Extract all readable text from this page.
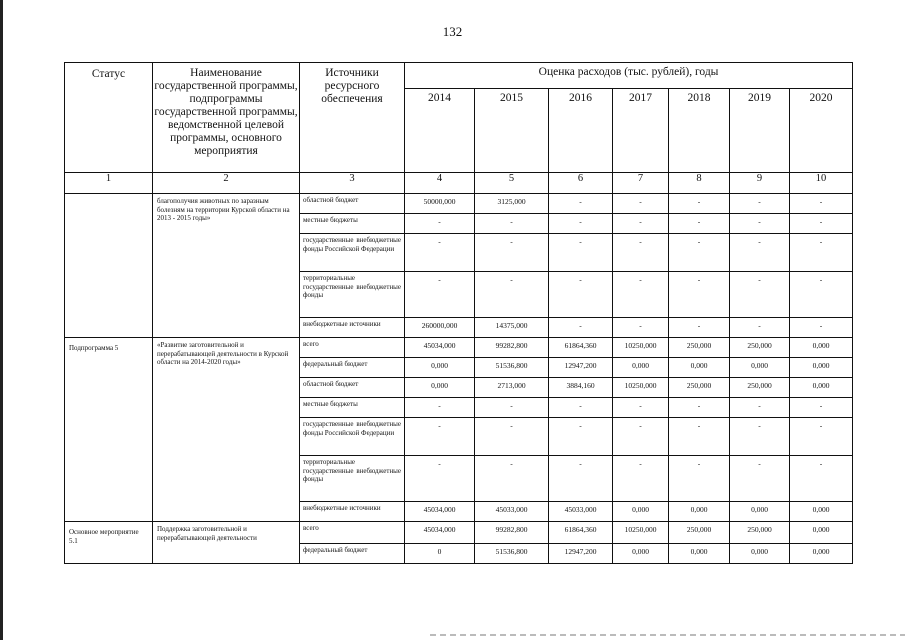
132
Статус	Наименование государственной программы, подпрограммы государственной программы, ведомственной целевой программы, основного мероприятия	Источники ресурсного обеспечения	Оценка расходов (тыс. рублей), годы						
			2014	2015	2016	2017	2018	2019	2020
1	2	3	4	5	6	7	8	9	10
	благополучия животных по заразным болезням на территории Курской области на 2013 - 2015 годы»	областной бюджет	50000,000	3125,000	-	-	-	-	-
		местные бюджеты	-	-	-	-	-	-	-
		государственные внебюджетные фонды Российской Федерации	-	-	-	-	-	-	-
		территориальные государственные внебюджетные фонды	-	-	-	-	-	-	-
		внебюджетные источники	260000,000	14375,000	-	-	-	-	-
Подпрограмма 5	«Развитие заготовительной и перерабатывающей деятельности в Курской области на 2014-2020 годы»	всего	45034,000	99282,800	61864,360	10250,000	250,000	250,000	0,000
		федеральный бюджет	0,000	51536,800	12947,200	0,000	0,000	0,000	0,000
		областной бюджет	0,000	2713,000	3884,160	10250,000	250,000	250,000	0,000
		местные бюджеты	-	-	-	-	-	-	-
		государственные внебюджетные фонды Российской Федерации	-	-	-	-	-	-	-
		территориальные государственные внебюджетные фонды	-	-	-	-	-	-	-
		внебюджетные источники	45034,000	45033,000	45033,000	0,000	0,000	0,000	0,000
Основное мероприятие 5.1	Поддержка заготовительной и перерабатывающей деятельности	всего	45034,000	99282,800	61864,360	10250,000	250,000	250,000	0,000
		федеральный бюджет	0	51536,800	12947,200	0,000	0,000	0,000	0,000
